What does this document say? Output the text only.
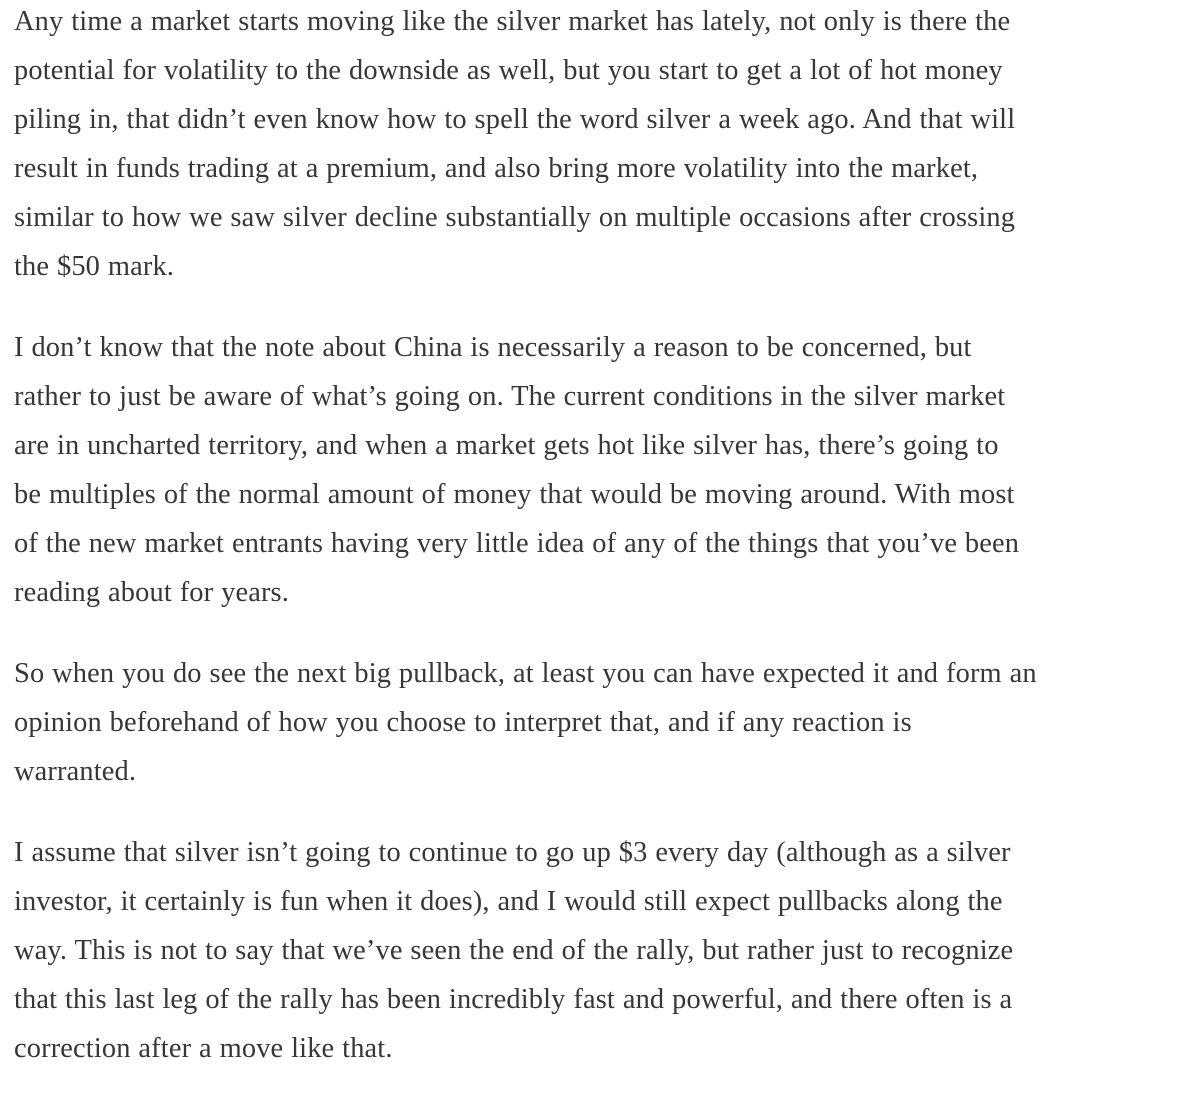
Any time a market starts moving like the silver market has lately, not only is there the
potential for volatility to the downside as well, but you start to get a lot of hot money
piling in, that didn’t even know how to spell the word silver a week ago. And that will
result in funds trading at a premium, and also bring more volatility into the market,
similar to how we saw silver decline substantially on multiple occasions after crossing
the $50 mark.

I don’t know that the note about China is necessarily a reason to be concerned, but
rather to just be aware of what’s going on. The current conditions in the silver market
are in uncharted territory, and when a market gets hot like silver has, there’s going to
be multiples of the normal amount of money that would be moving around. With most
of the new market entrants having very little idea of any of the things that you’ve been
reading about for years.

So when you do see the next big pullback, at least you can have expected it and form an
opinion beforehand of how you choose to interpret that, and if any reaction is
warranted.

I assume that silver isn’t going to continue to go up $3 every day (although as a silver
investor, it certainly is fun when it does), and I would still expect pullbacks along the
way. This is not to say that we’ve seen the end of the rally, but rather just to recognize
that this last leg of the rally has been incredibly fast and powerful, and there often is a
correction after a move like that.
